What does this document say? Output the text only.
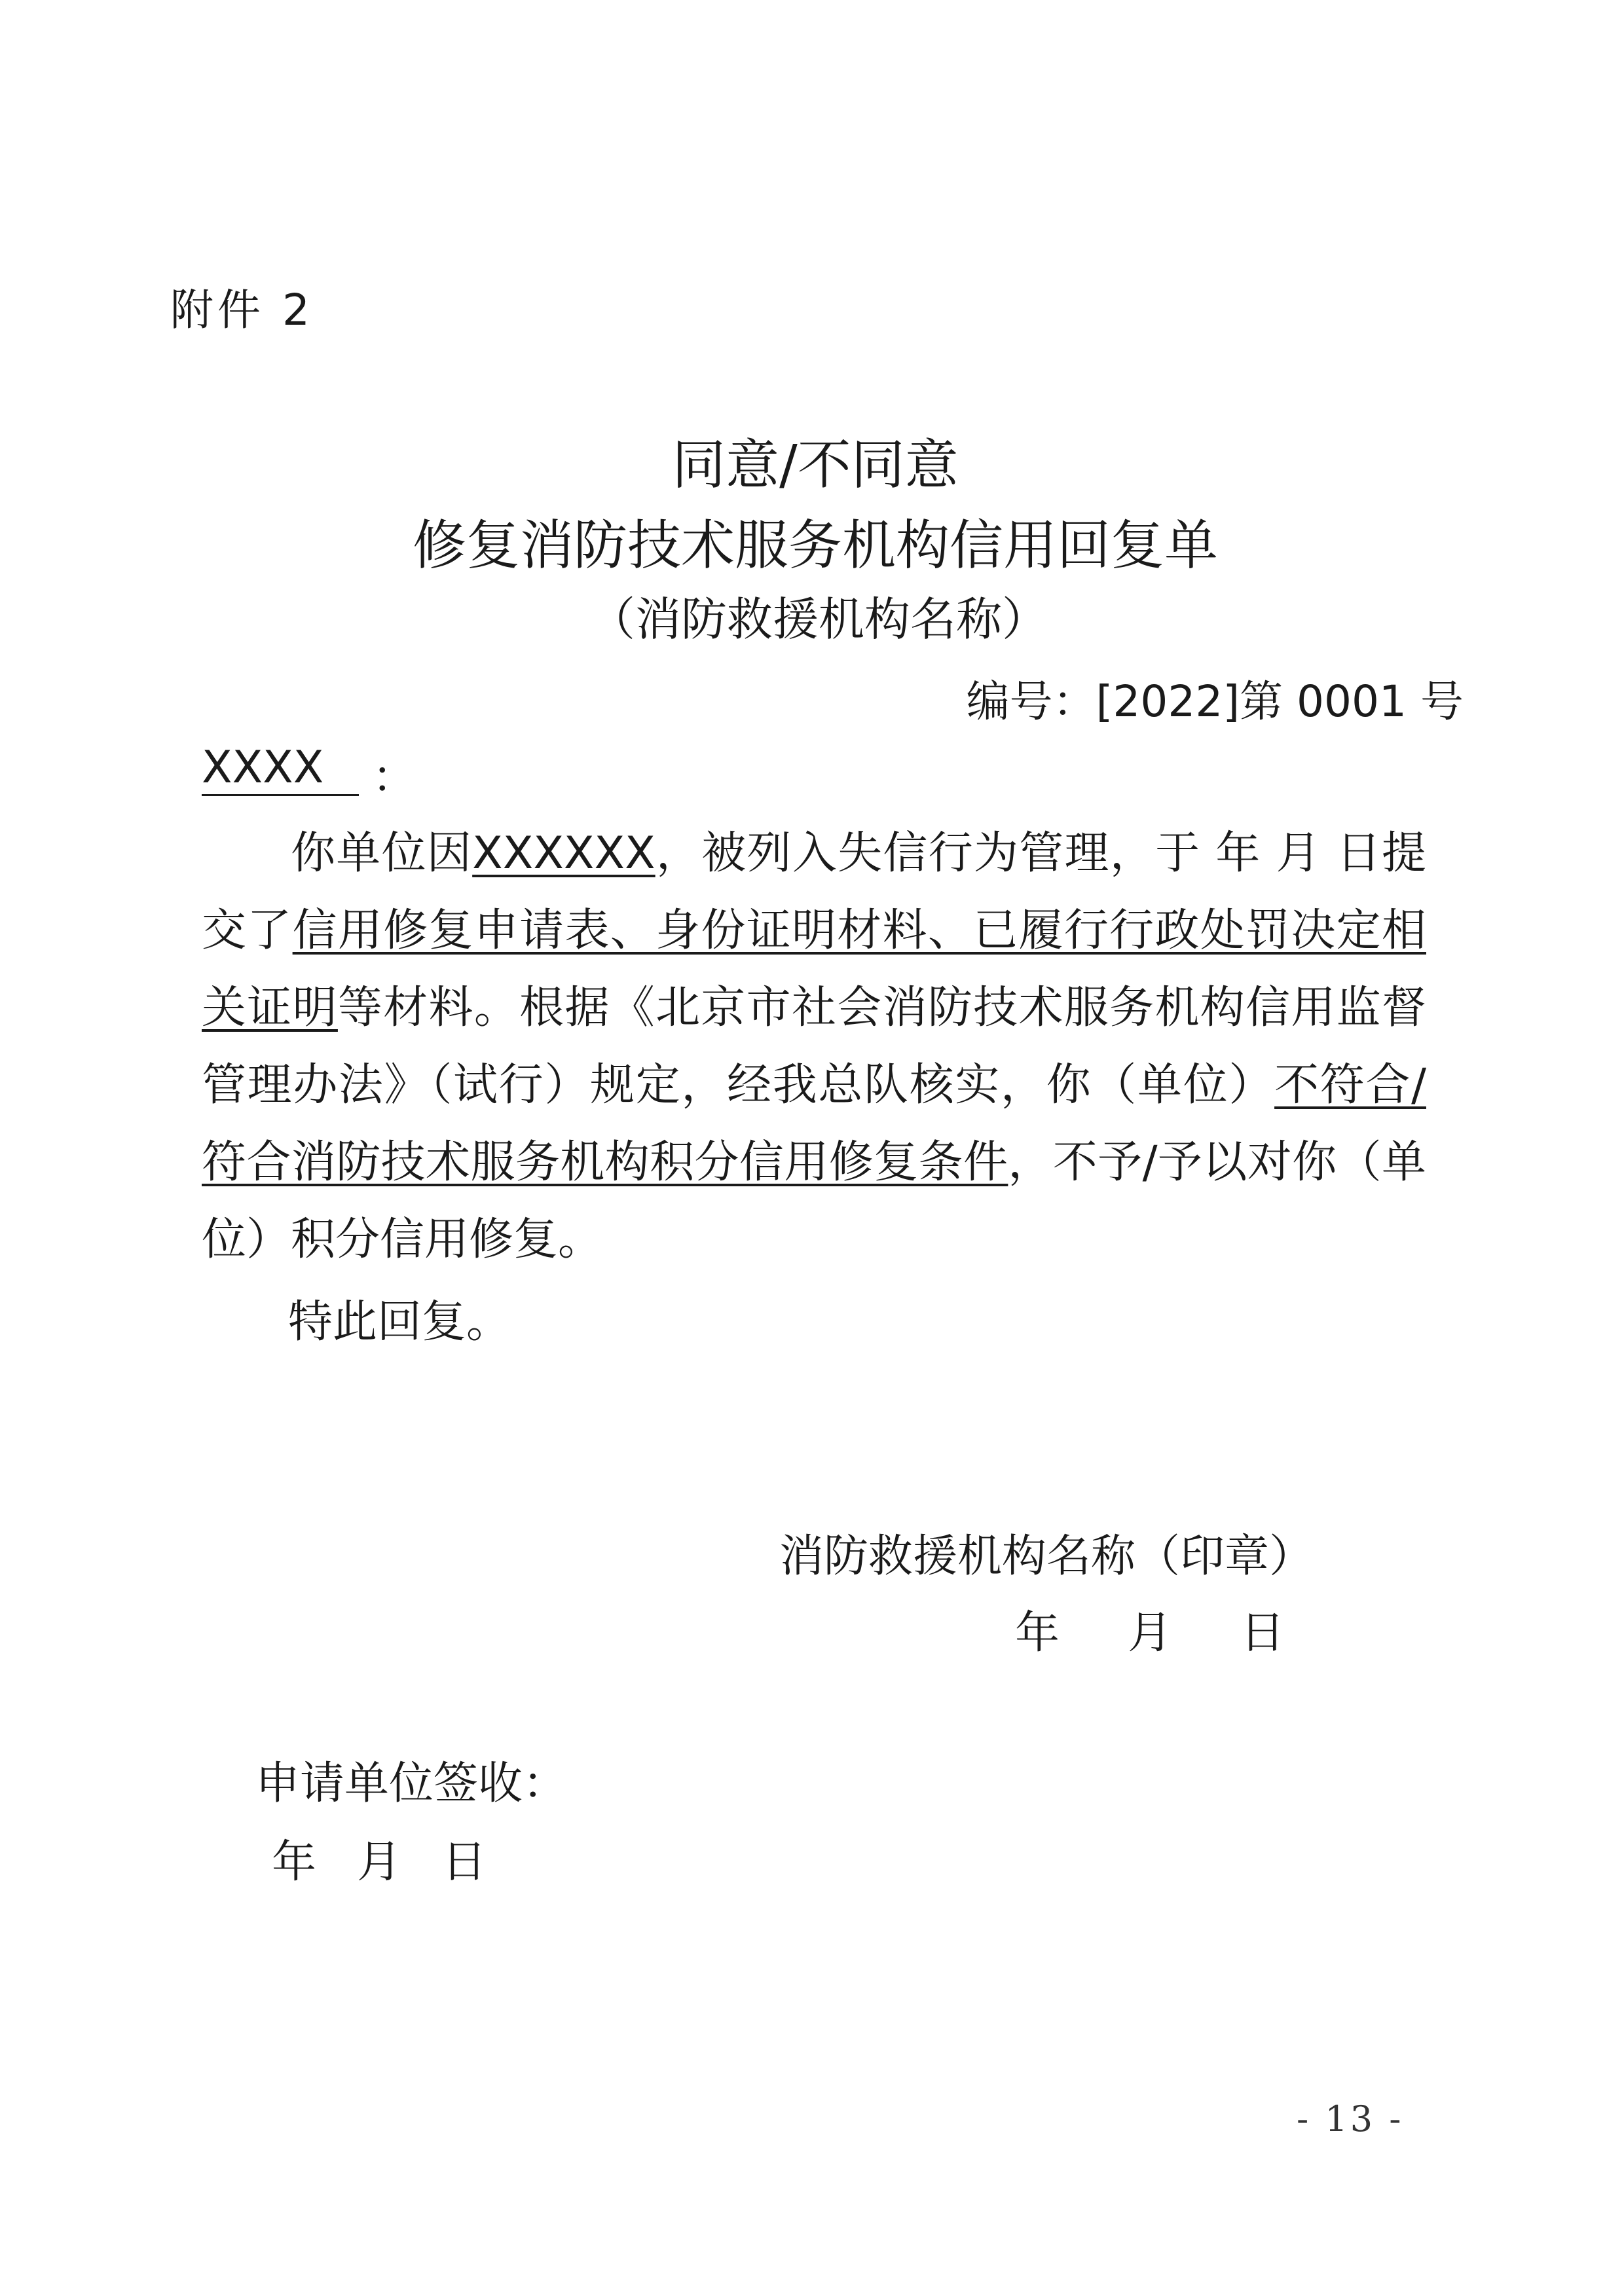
附件 2
同意/不同意
修复消防技术服务机构信用回复单
（消防救援机构名称）
编号：[2022]第 0001 号
XXXX ：
你单位因XXXXXX，被列入失信行为管理，于 年 月 日提交了信用修复申请表、身份证明材料、已履行行政处罚决定相关证明等材料。根据《北京市社会消防技术服务机构信用监督管理办法》（试行）规定，经我总队核实，你（单位）不符合/符合消防技术服务机构积分信用修复条件，不予/予以对你（单位）积分信用修复。
特此回复。
消防救援机构名称（印章）
年 月 日
申请单位签收：
年 月 日
- 13 -
